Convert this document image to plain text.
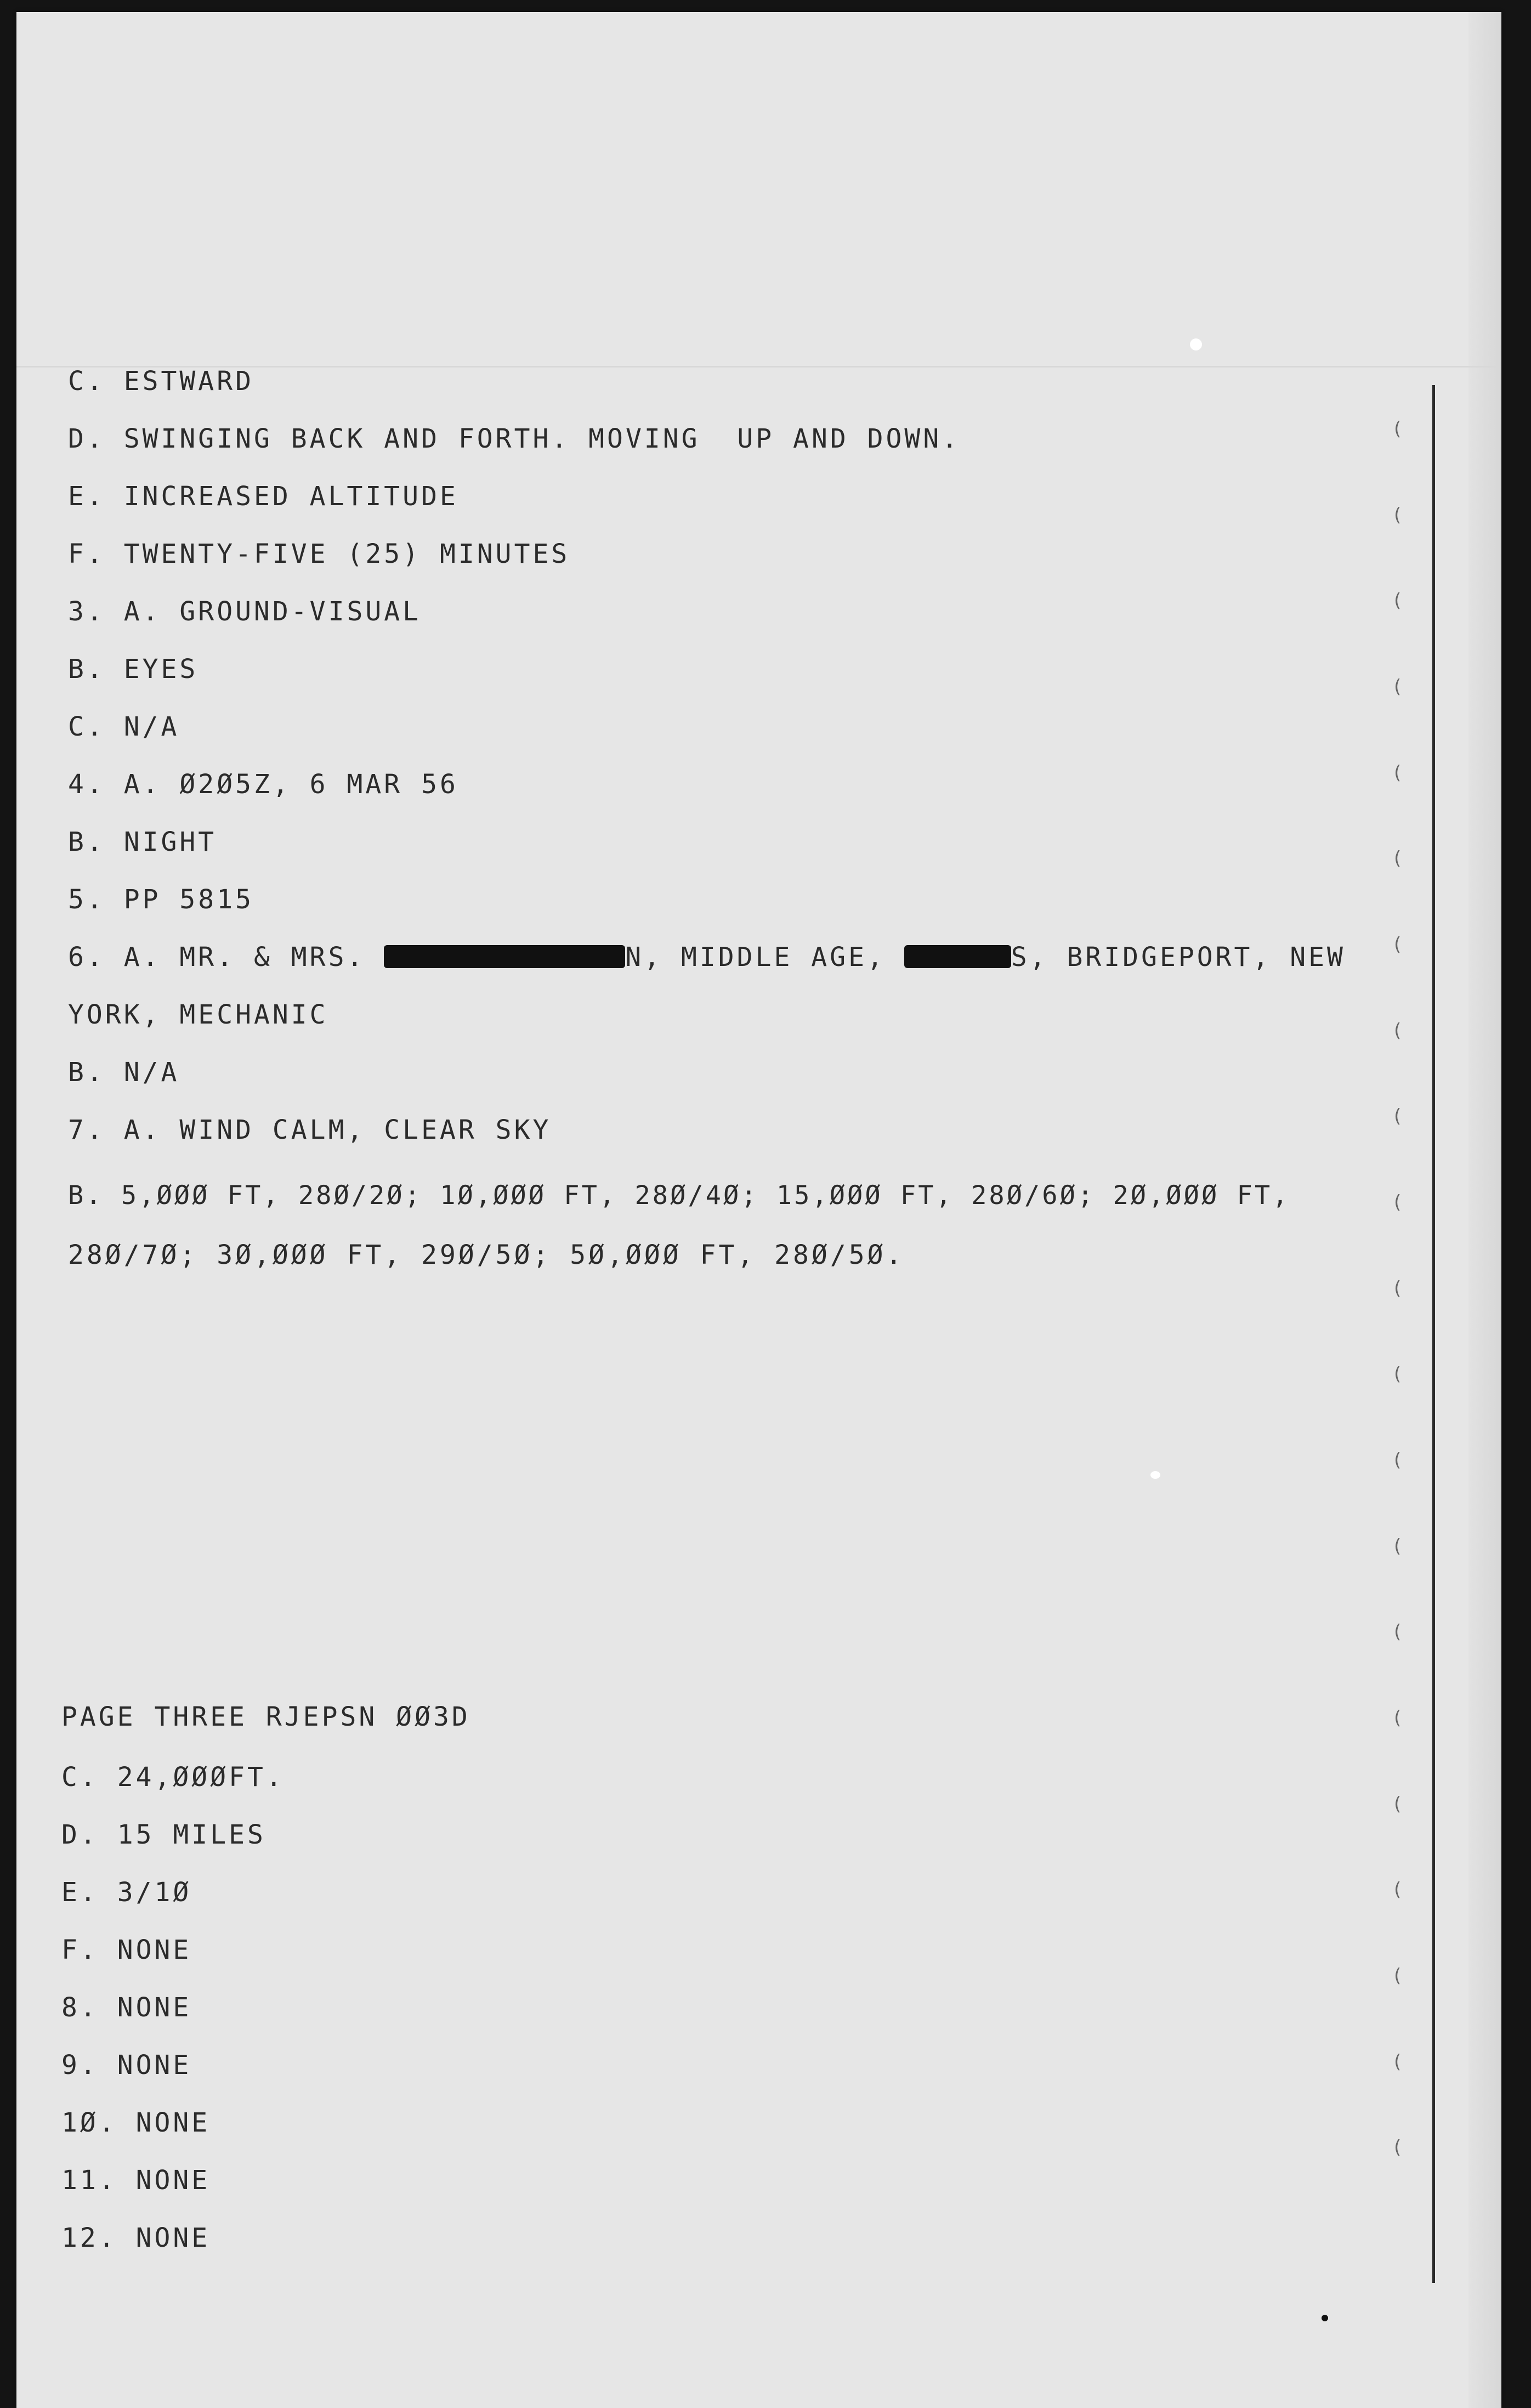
(
(
(
(
(
(
(
(
(
(
(
(
(
(
(
(
(
(
(
(
(
C. ESTWARD
D. SWINGING BACK AND FORTH. MOVING  UP AND DOWN.
E. INCREASED ALTITUDE
F. TWENTY-FIVE (25) MINUTES
3. A. GROUND-VISUAL
B. EYES
C. N/A
4. A. Ø2Ø5Z, 6 MAR 56
B. NIGHT
5. PP 5815
6. A. MR. & MRS.	N, MIDDLE AGE,	S, BRIDGEPORT, NEW
YORK, MECHANIC
B. N/A
7. A. WIND CALM, CLEAR SKY
B. 5,ØØØ FT, 28Ø/2Ø; 1Ø,ØØØ FT, 28Ø/4Ø; 15,ØØØ FT, 28Ø/6Ø; 2Ø,ØØØ FT,
28Ø/7Ø; 3Ø,ØØØ FT, 29Ø/5Ø; 5Ø,ØØØ FT, 28Ø/5Ø.
PAGE THREE RJEPSN ØØ3D
C. 24,ØØØFT.
D. 15 MILES
E. 3/1Ø
F. NONE
8. NONE
9. NONE
1Ø. NONE
11. NONE
12. NONE
